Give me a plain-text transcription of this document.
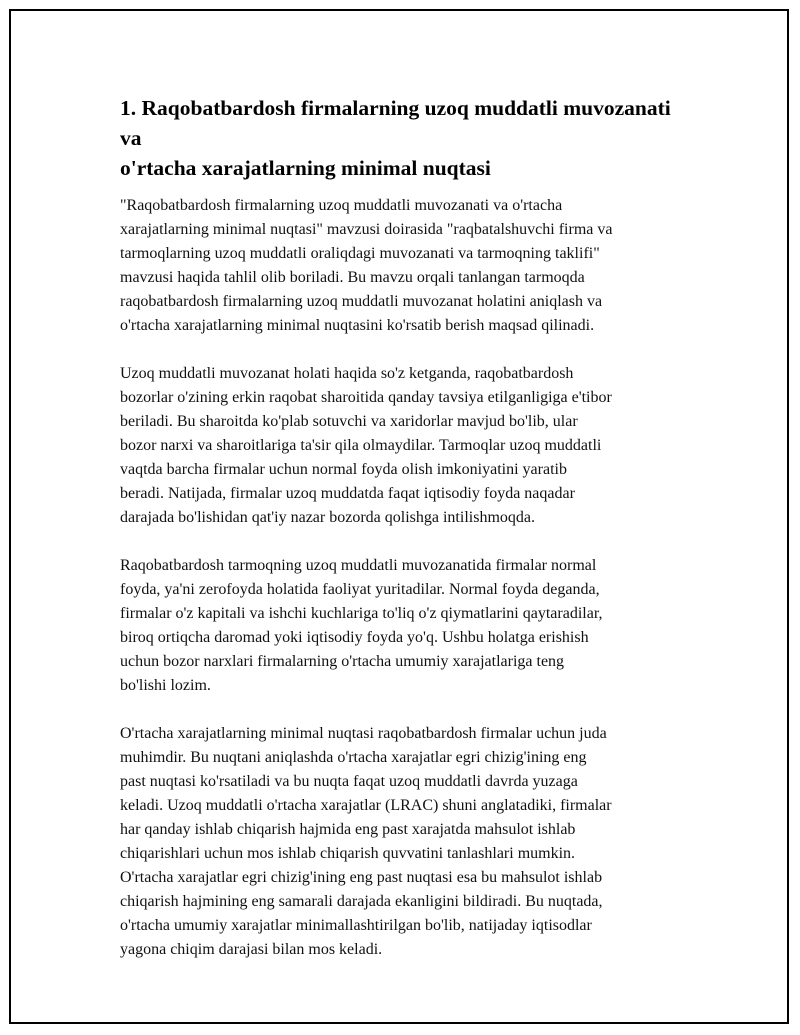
1. Raqobatbardosh firmalarning uzoq muddatli muvozanati va
o'rtacha xarajatlarning minimal nuqtasi

"Raqobatbardosh firmalarning uzoq muddatli muvozanati va o'rtacha
xarajatlarning minimal nuqtasi" mavzusi doirasida "raqbatalshuvchi firma va
tarmoqlarning uzoq muddatli oraliqdagi muvozanati va tarmoqning taklifi"
mavzusi haqida tahlil olib boriladi. Bu mavzu orqali tanlangan tarmoqda
raqobatbardosh firmalarning uzoq muddatli muvozanat holatini aniqlash va
o'rtacha xarajatlarning minimal nuqtasini ko'rsatib berish maqsad qilinadi.

Uzoq muddatli muvozanat holati haqida so'z ketganda, raqobatbardosh
bozorlar o'zining erkin raqobat sharoitida qanday tavsiya etilganligiga e'tibor
beriladi. Bu sharoitda ko'plab sotuvchi va xaridorlar mavjud bo'lib, ular
bozor narxi va sharoitlariga ta'sir qila olmaydilar. Tarmoqlar uzoq muddatli
vaqtda barcha firmalar uchun normal foyda olish imkoniyatini yaratib
beradi. Natijada, firmalar uzoq muddatda faqat iqtisodiy foyda naqadar
darajada bo'lishidan qat'iy nazar bozorda qolishga intilishmoqda.

Raqobatbardosh tarmoqning uzoq muddatli muvozanatida firmalar normal
foyda, ya'ni zerofoyda holatida faoliyat yuritadilar. Normal foyda deganda,
firmalar o'z kapitali va ishchi kuchlariga to'liq o'z qiymatlarini qaytaradilar,
biroq ortiqcha daromad yoki iqtisodiy foyda yo'q. Ushbu holatga erishish
uchun bozor narxlari firmalarning o'rtacha umumiy xarajatlariga teng
bo'lishi lozim.

O'rtacha xarajatlarning minimal nuqtasi raqobatbardosh firmalar uchun juda
muhimdir. Bu nuqtani aniqlashda o'rtacha xarajatlar egri chizig'ining eng
past nuqtasi ko'rsatiladi va bu nuqta faqat uzoq muddatli davrda yuzaga
keladi. Uzoq muddatli o'rtacha xarajatlar (LRAC) shuni anglatadiki, firmalar
har qanday ishlab chiqarish hajmida eng past xarajatda mahsulot ishlab
chiqarishlari uchun mos ishlab chiqarish quvvatini tanlashlari mumkin.
O'rtacha xarajatlar egri chizig'ining eng past nuqtasi esa bu mahsulot ishlab
chiqarish hajmining eng samarali darajada ekanligini bildiradi. Bu nuqtada,
o'rtacha umumiy xarajatlar minimallashtirilgan bo'lib, natijaday iqtisodlar
yagona chiqim darajasi bilan mos keladi.
